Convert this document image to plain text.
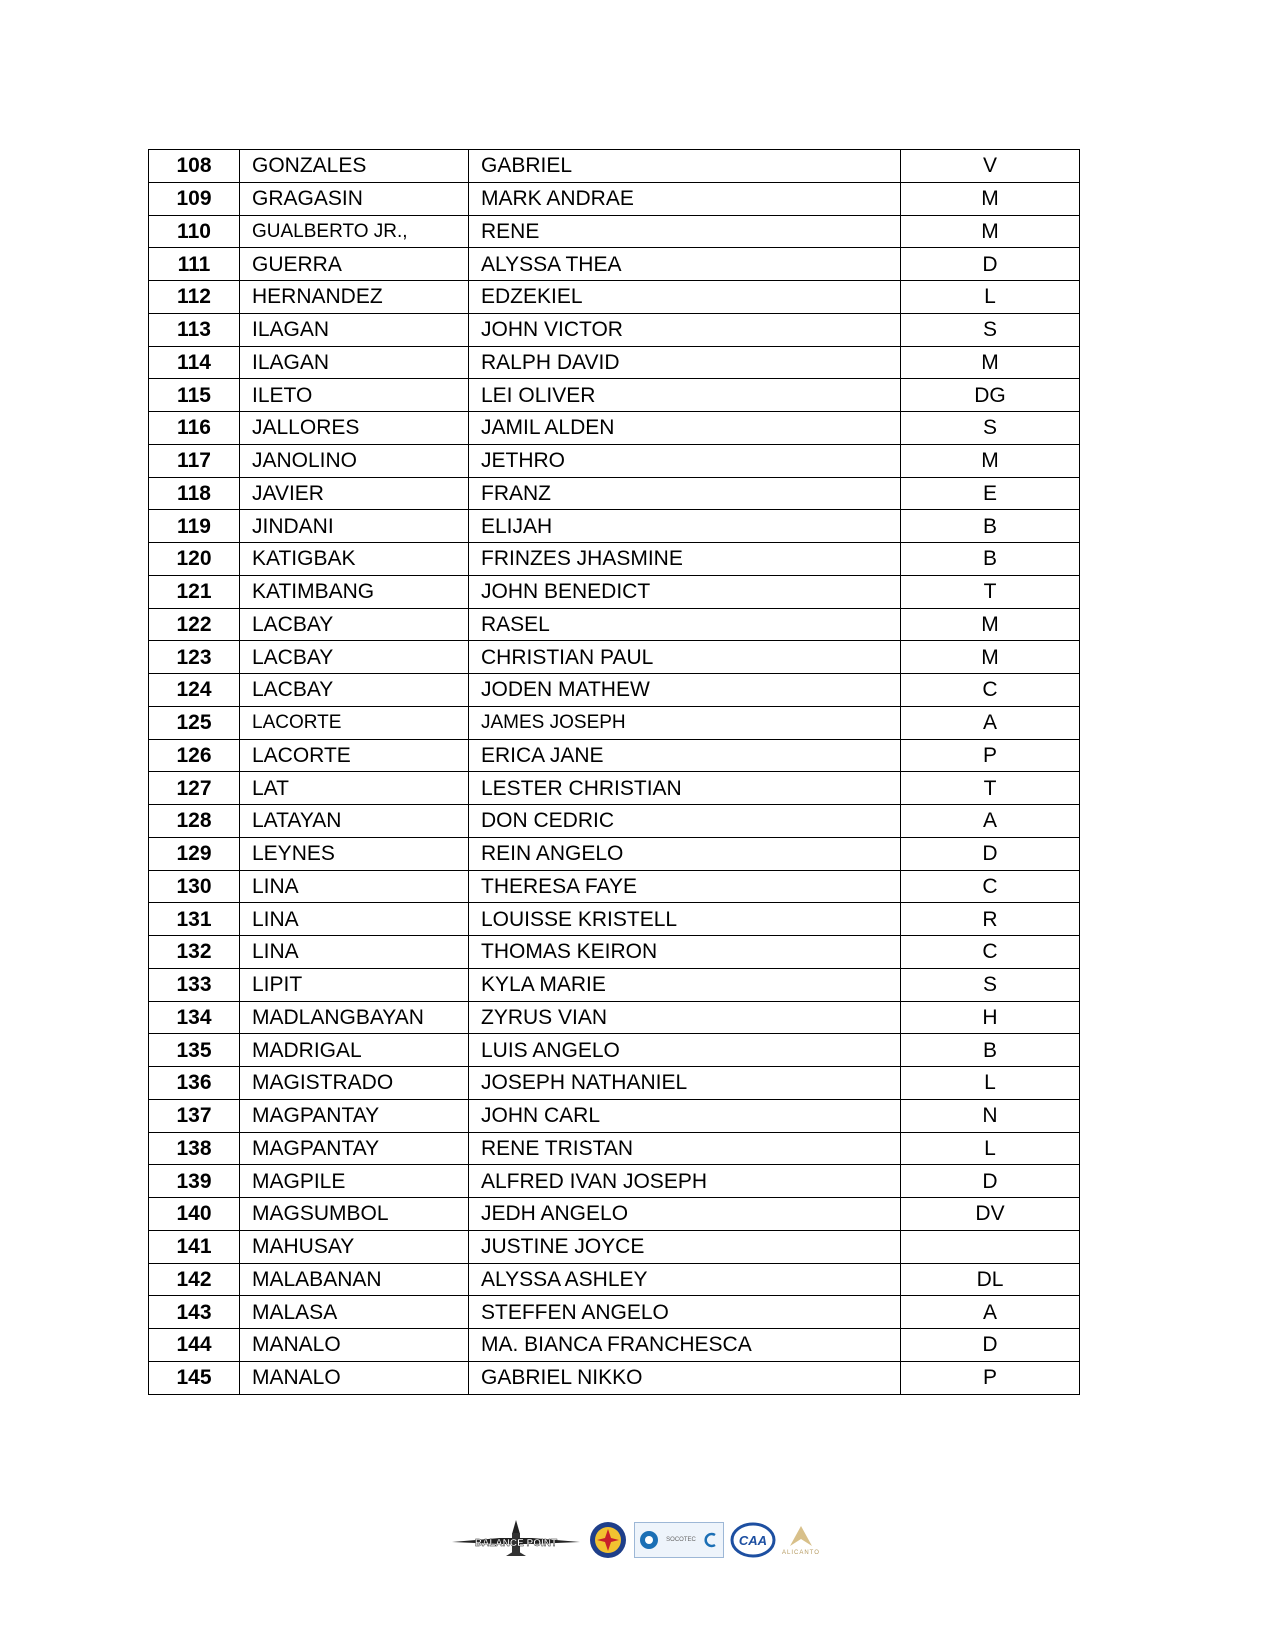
108	GONZALES	GABRIEL	V
109	GRAGASIN	MARK ANDRAE	M
110	GUALBERTO JR.,	RENE	M
111	GUERRA	ALYSSA THEA	D
112	HERNANDEZ	EDZEKIEL	L
113	ILAGAN	JOHN VICTOR	S
114	ILAGAN	RALPH DAVID	M
115	ILETO	LEI OLIVER	DG
116	JALLORES	JAMIL ALDEN	S
117	JANOLINO	JETHRO	M
118	JAVIER	FRANZ	E
119	JINDANI	ELIJAH	B
120	KATIGBAK	FRINZES JHASMINE	B
121	KATIMBANG	JOHN BENEDICT	T
122	LACBAY	RASEL	M
123	LACBAY	CHRISTIAN PAUL	M
124	LACBAY	JODEN MATHEW	C
125	LACORTE	JAMES JOSEPH	A
126	LACORTE	ERICA JANE	P
127	LAT	LESTER CHRISTIAN	T
128	LATAYAN	DON CEDRIC	A
129	LEYNES	REIN ANGELO	D
130	LINA	THERESA FAYE	C
131	LINA	LOUISSE KRISTELL	R
132	LINA	THOMAS KEIRON	C
133	LIPIT	KYLA MARIE	S
134	MADLANGBAYAN	ZYRUS VIAN	H
135	MADRIGAL	LUIS ANGELO	B
136	MAGISTRADO	JOSEPH NATHANIEL	L
137	MAGPANTAY	JOHN CARL	N
138	MAGPANTAY	RENE TRISTAN	L
139	MAGPILE	ALFRED IVAN JOSEPH	D
140	MAGSUMBOL	JEDH ANGELO	DV
141	MAHUSAY	JUSTINE JOYCE	
142	MALABANAN	ALYSSA ASHLEY	DL
143	MALASA	STEFFEN ANGELO	A
144	MANALO	MA. BIANCA FRANCHESCA	D
145	MANALO	GABRIEL NIKKO	P
BALANCE POINT	SOCOTEC	CAA
ALICANTO
